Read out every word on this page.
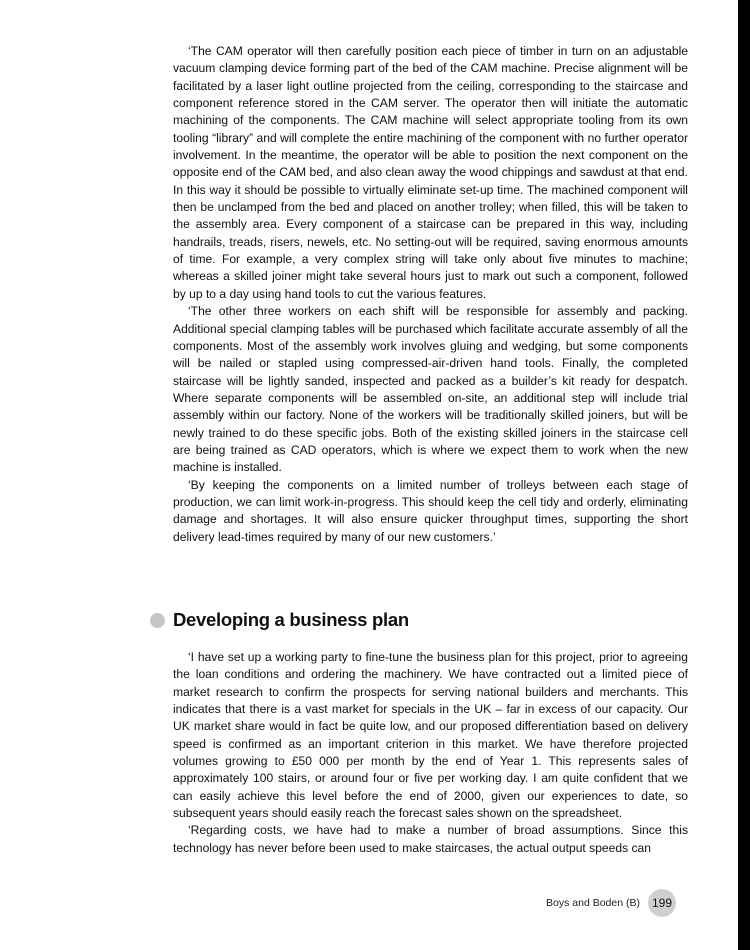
‘The CAM operator will then carefully position each piece of timber in turn on an adjustable vacuum clamping device forming part of the bed of the CAM machine. Precise alignment will be facilitated by a laser light outline projected from the ceiling, corresponding to the staircase and component reference stored in the CAM server. The operator then will initiate the automatic machining of the components. The CAM machine will select appropriate tooling from its own tooling “library” and will complete the entire machining of the component with no further operator involvement. In the meantime, the operator will be able to position the next component on the opposite end of the CAM bed, and also clean away the wood chippings and sawdust at that end. In this way it should be possible to virtually eliminate set-up time. The machined component will then be unclamped from the bed and placed on another trolley; when filled, this will be taken to the assembly area. Every component of a staircase can be prepared in this way, including handrails, treads, risers, newels, etc. No setting-out will be required, saving enormous amounts of time. For example, a very complex string will take only about five minutes to machine; whereas a skilled joiner might take several hours just to mark out such a component, followed by up to a day using hand tools to cut the various features.

‘The other three workers on each shift will be responsible for assembly and packing. Additional special clamping tables will be purchased which facilitate accurate assembly of all the components. Most of the assembly work involves gluing and wedging, but some components will be nailed or stapled using compressed-air-driven hand tools. Finally, the completed staircase will be lightly sanded, inspected and packed as a builder’s kit ready for despatch. Where separate components will be assembled on-site, an additional step will include trial assembly within our factory. None of the workers will be traditionally skilled joiners, but will be newly trained to do these specific jobs. Both of the existing skilled joiners in the staircase cell are being trained as CAD operators, which is where we expect them to work when the new machine is installed.

‘By keeping the components on a limited number of trolleys between each stage of production, we can limit work-in-progress. This should keep the cell tidy and orderly, eliminating damage and shortages. It will also ensure quicker throughput times, supporting the short delivery lead-times required by many of our new customers.’

Developing a business plan

‘I have set up a working party to fine-tune the business plan for this project, prior to agreeing the loan conditions and ordering the machinery. We have contracted out a limited piece of market research to confirm the prospects for serving national builders and merchants. This indicates that there is a vast market for specials in the UK – far in excess of our capacity. Our UK market share would in fact be quite low, and our proposed differentiation based on delivery speed is confirmed as an important criterion in this market. We have therefore projected volumes growing to £50 000 per month by the end of Year 1. This represents sales of approximately 100 stairs, or around four or five per working day. I am quite confident that we can easily achieve this level before the end of 2000, given our experiences to date, so subsequent years should easily reach the forecast sales shown on the spreadsheet.

‘Regarding costs, we have had to make a number of broad assumptions. Since this technology has never before been used to make staircases, the actual output speeds can

Boys and Boden (B) 199
